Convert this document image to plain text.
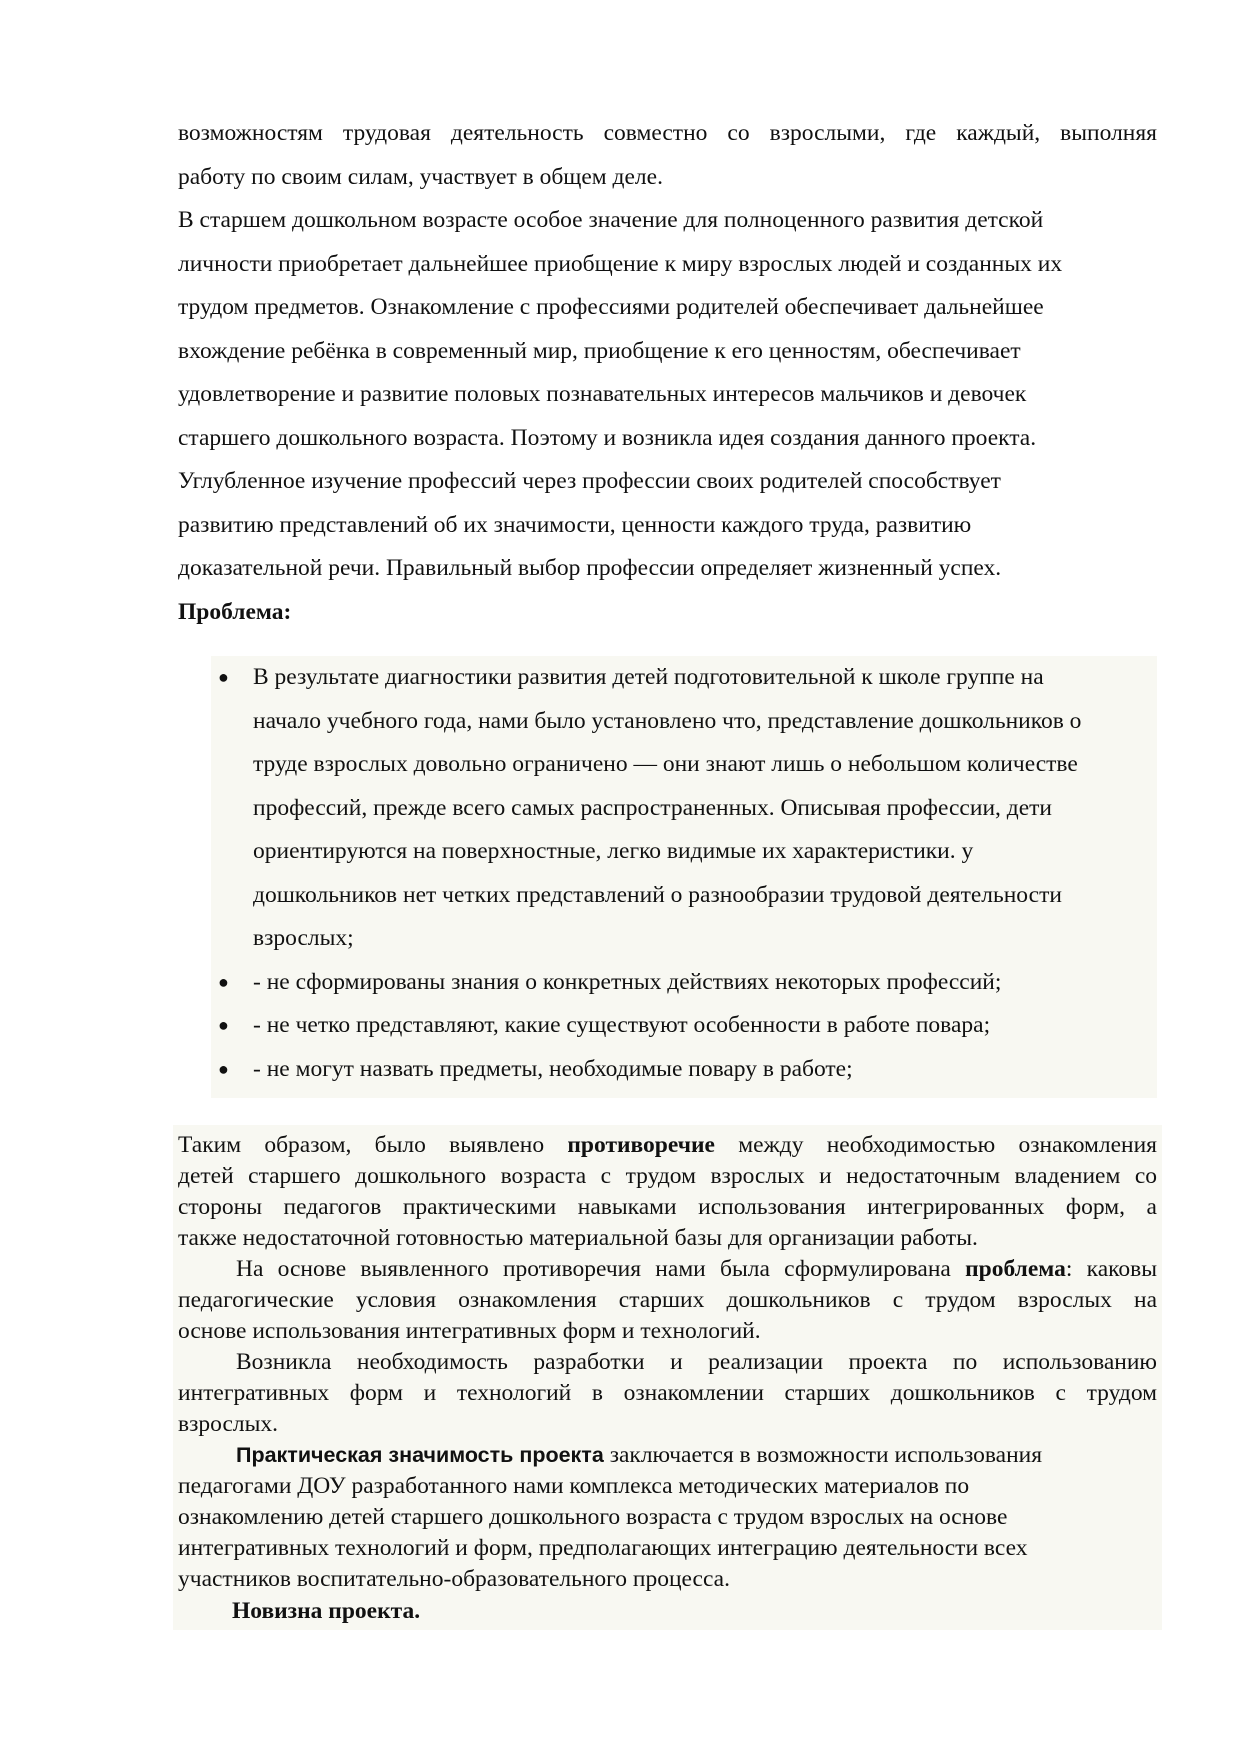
возможностям трудовая деятельность совместно со взрослыми, где каждый, выполняя
работу по своим силам, участвует в общем деле.
В старшем дошкольном возрасте особое значение для полноценного развития детской
личности приобретает дальнейшее приобщение к миру взрослых людей и созданных их
трудом предметов. Ознакомление с профессиями родителей обеспечивает дальнейшее
вхождение ребёнка в современный мир, приобщение к его ценностям, обеспечивает
удовлетворение и развитие половых познавательных интересов мальчиков и девочек
старшего дошкольного возраста. Поэтому и возникла идея создания данного проекта.
Углубленное изучение профессий через профессии своих родителей способствует
развитию представлений об их значимости, ценности каждого труда, развитию
доказательной речи. Правильный выбор профессии определяет жизненный успех.
Проблема:
● В результате диагностики развития детей подготовительной к школе группе на
начало учебного года, нами было установлено что, представление дошкольников о
труде взрослых довольно ограничено — они знают лишь о небольшом количестве
профессий, прежде всего самых распространенных. Описывая профессии, дети
ориентируются на поверхностные, легко видимые их характеристики. у
дошкольников нет четких представлений о разнообразии трудовой деятельности
взрослых;
● - не сформированы знания о конкретных действиях некоторых профессий;
● - не четко представляют, какие существуют особенности в работе повара;
● - не могут назвать предметы, необходимые повару в работе;
Таким образом, было выявлено противоречие между необходимостью ознакомления
детей старшего дошкольного возраста с трудом взрослых и недостаточным владением со
стороны педагогов практическими навыками использования интегрированных форм, а
также недостаточной готовностью материальной базы для организации работы.
На основе выявленного противоречия нами была сформулирована проблема: каковы
педагогические условия ознакомления старших дошкольников с трудом взрослых на
основе использования интегративных форм и технологий.
Возникла необходимость разработки и реализации проекта по использованию
интегративных форм и технологий в ознакомлении старших дошкольников с трудом
взрослых.
Практическая значимость проекта заключается в возможности использования
педагогами ДОУ разработанного нами комплекса методических материалов по
ознакомлению детей старшего дошкольного возраста с трудом взрослых на основе
интегративных технологий и форм, предполагающих интеграцию деятельности всех
участников воспитательно-образовательного процесса.
Новизна проекта.
